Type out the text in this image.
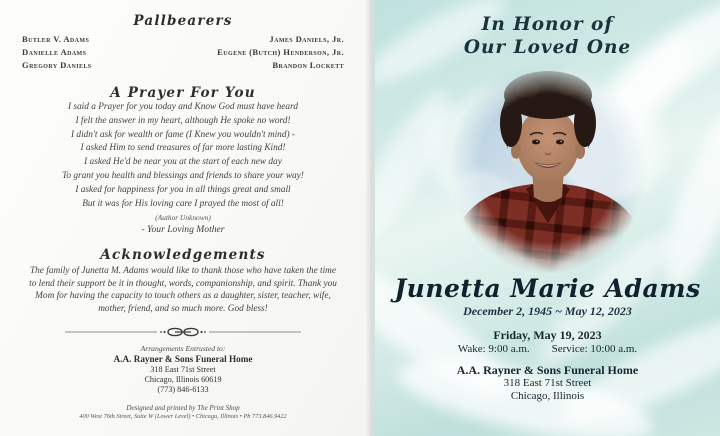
Pallbearers
Butler V. Adams	James Daniels, Jr.
Danielle Adams	Eugene (Butch) Henderson, Jr.
Gregory Daniels	Brandon Lockett
A Prayer For You
I said a Prayer for you today and Know God must have heard
I felt the answer in my heart, although He spoke no word!
I didn't ask for wealth or fame (I Knew you wouldn't mind) -
I asked Him to send treasures of far more lasting Kind!
I asked He'd be near you at the start of each new day
To grant you health and blessings and friends to share your way!
I asked for happiness for you in all things great and small
But it was for His loving care I prayed the most of all!
(Author Unknown)
- Your Loving Mother
Acknowledgements

The family of Junetta M. Adams would like to thank those who have taken the time to lend their support be it in thought, words, companionship, and spirit. Thank you Mom for having the capacity to touch others as a daughter, sister, teacher, wife, mother, friend, and so much more. God bless!

Arrangements Entrusted to:
A.A. Rayner & Sons Funeral Home
318 East 71st Street
Chicago, Illinois 60619
(773) 846-6133
Designed and printed by The Print Shop
400 West 76th Street, Suite W (Lower Level) • Chicago, Illinois • Ph 773.846.9422
In Honor of
Our Loved One
Junetta Marie Adams
December 2, 1945 ~ May 12, 2023
Friday, May 19, 2023
Wake: 9:00 a.m. Service: 10:00 a.m.
A.A. Rayner & Sons Funeral Home
318 East 71st Street
Chicago, Illinois
